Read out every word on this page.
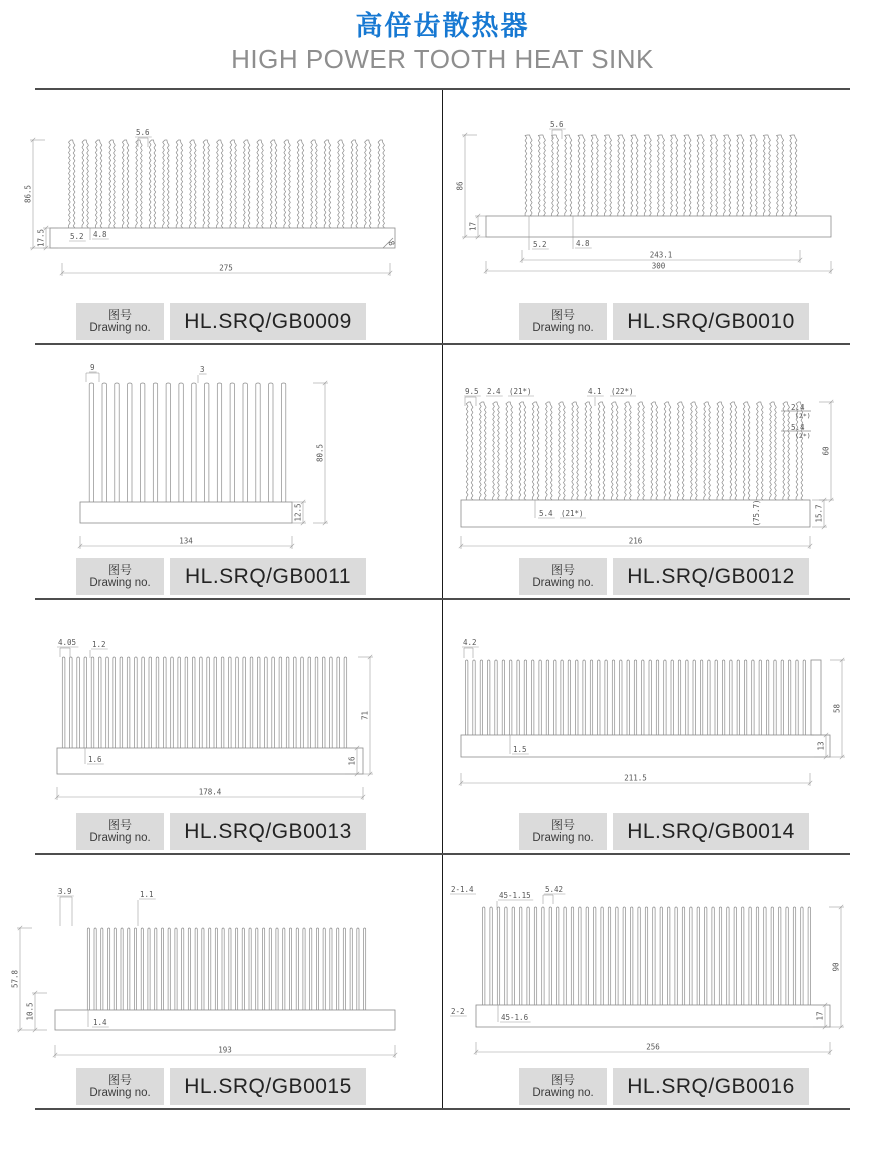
高倍齿散热器
HIGH POWER TOOTH HEAT SINK
86.5
17.5
5.6
5.2 4.8
275
8
图号
Drawing no.	HL.SRQ/GB0009
86
17
5.6
5.2	4.8
243.1
300
图号
Drawing no.	HL.SRQ/GB0010
9	3
80.5
12.5
134
图号
Drawing no.	HL.SRQ/GB0011
9.5 2.4 (21*)	4.1 (22*)
2.4
(2*)
5.4
(2*)
60
(75.7)	15.7
5.4 (21*)
216
图号
Drawing no.	HL.SRQ/GB0012
4.05 1.2
71
16
1.6
178.4
图号
Drawing no.	HL.SRQ/GB0013
4.2
1.5
58
13
211.5
图号
Drawing no.	HL.SRQ/GB0014
3.9	1.1
57.8
10.5
1.4
193
图号
Drawing no.	HL.SRQ/GB0015
2-1.4
45-1.15
5.42
2-2
45-1.6
90
17
256
图号
Drawing no.	HL.SRQ/GB0016
